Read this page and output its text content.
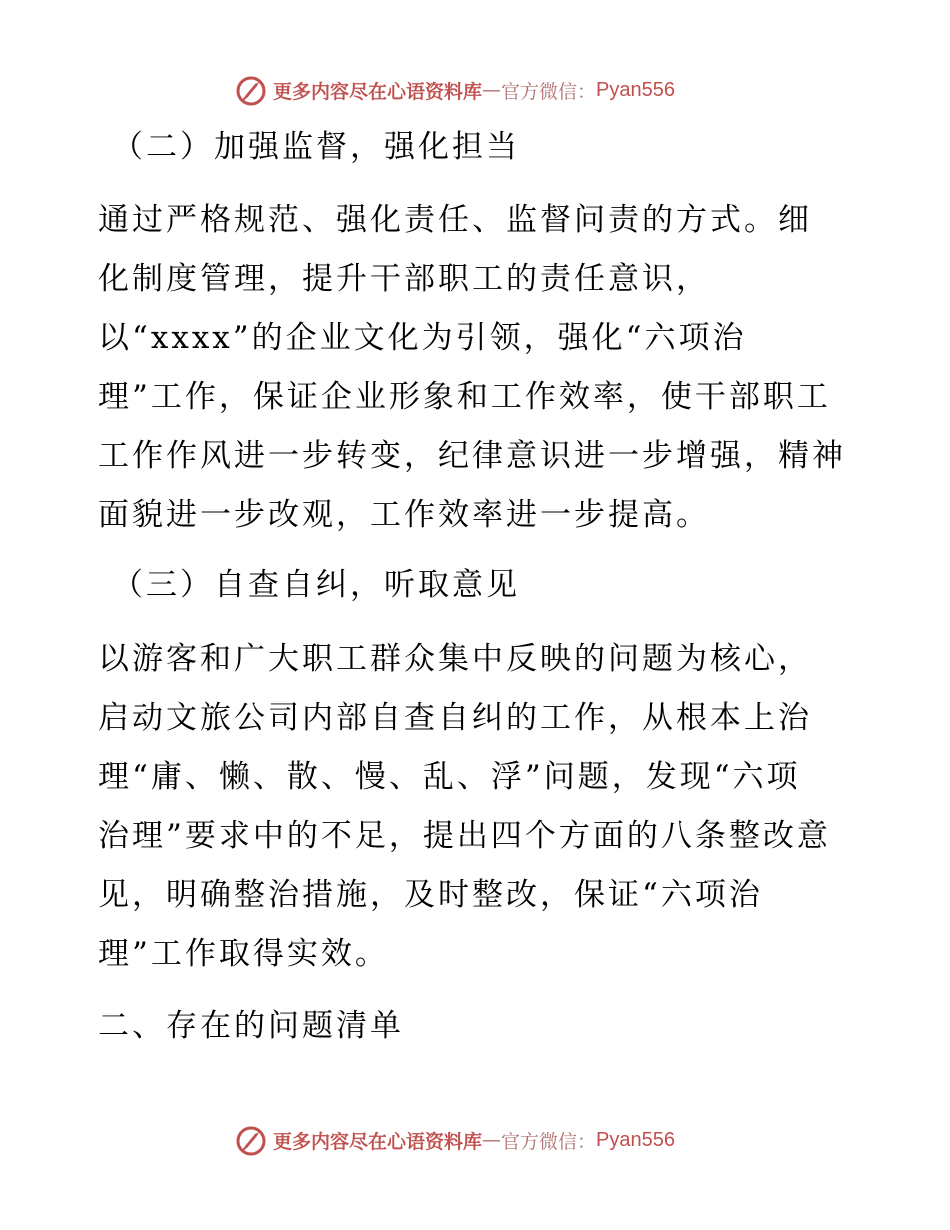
更多内容尽在心语资料库 — 官方微信： Pyan556
（二）加强监督，强化担当
通过严格规范、强化责任、监督问责的方式。细
化制度管理，提升干部职工的责任意识，
以“xxxx”的企业文化为引领，强化“六项治
理”工作，保证企业形象和工作效率，使干部职工
工作作风进一步转变，纪律意识进一步增强，精神
面貌进一步改观，工作效率进一步提高。
（三）自查自纠，听取意见
以游客和广大职工群众集中反映的问题为核心，
启动文旅公司内部自查自纠的工作，从根本上治
理“庸、懒、散、慢、乱、浮”问题，发现“六项
治理”要求中的不足，提出四个方面的八条整改意
见，明确整治措施，及时整改，保证“六项治
理”工作取得实效。
二、存在的问题清单
更多内容尽在心语资料库 — 官方微信： Pyan556
